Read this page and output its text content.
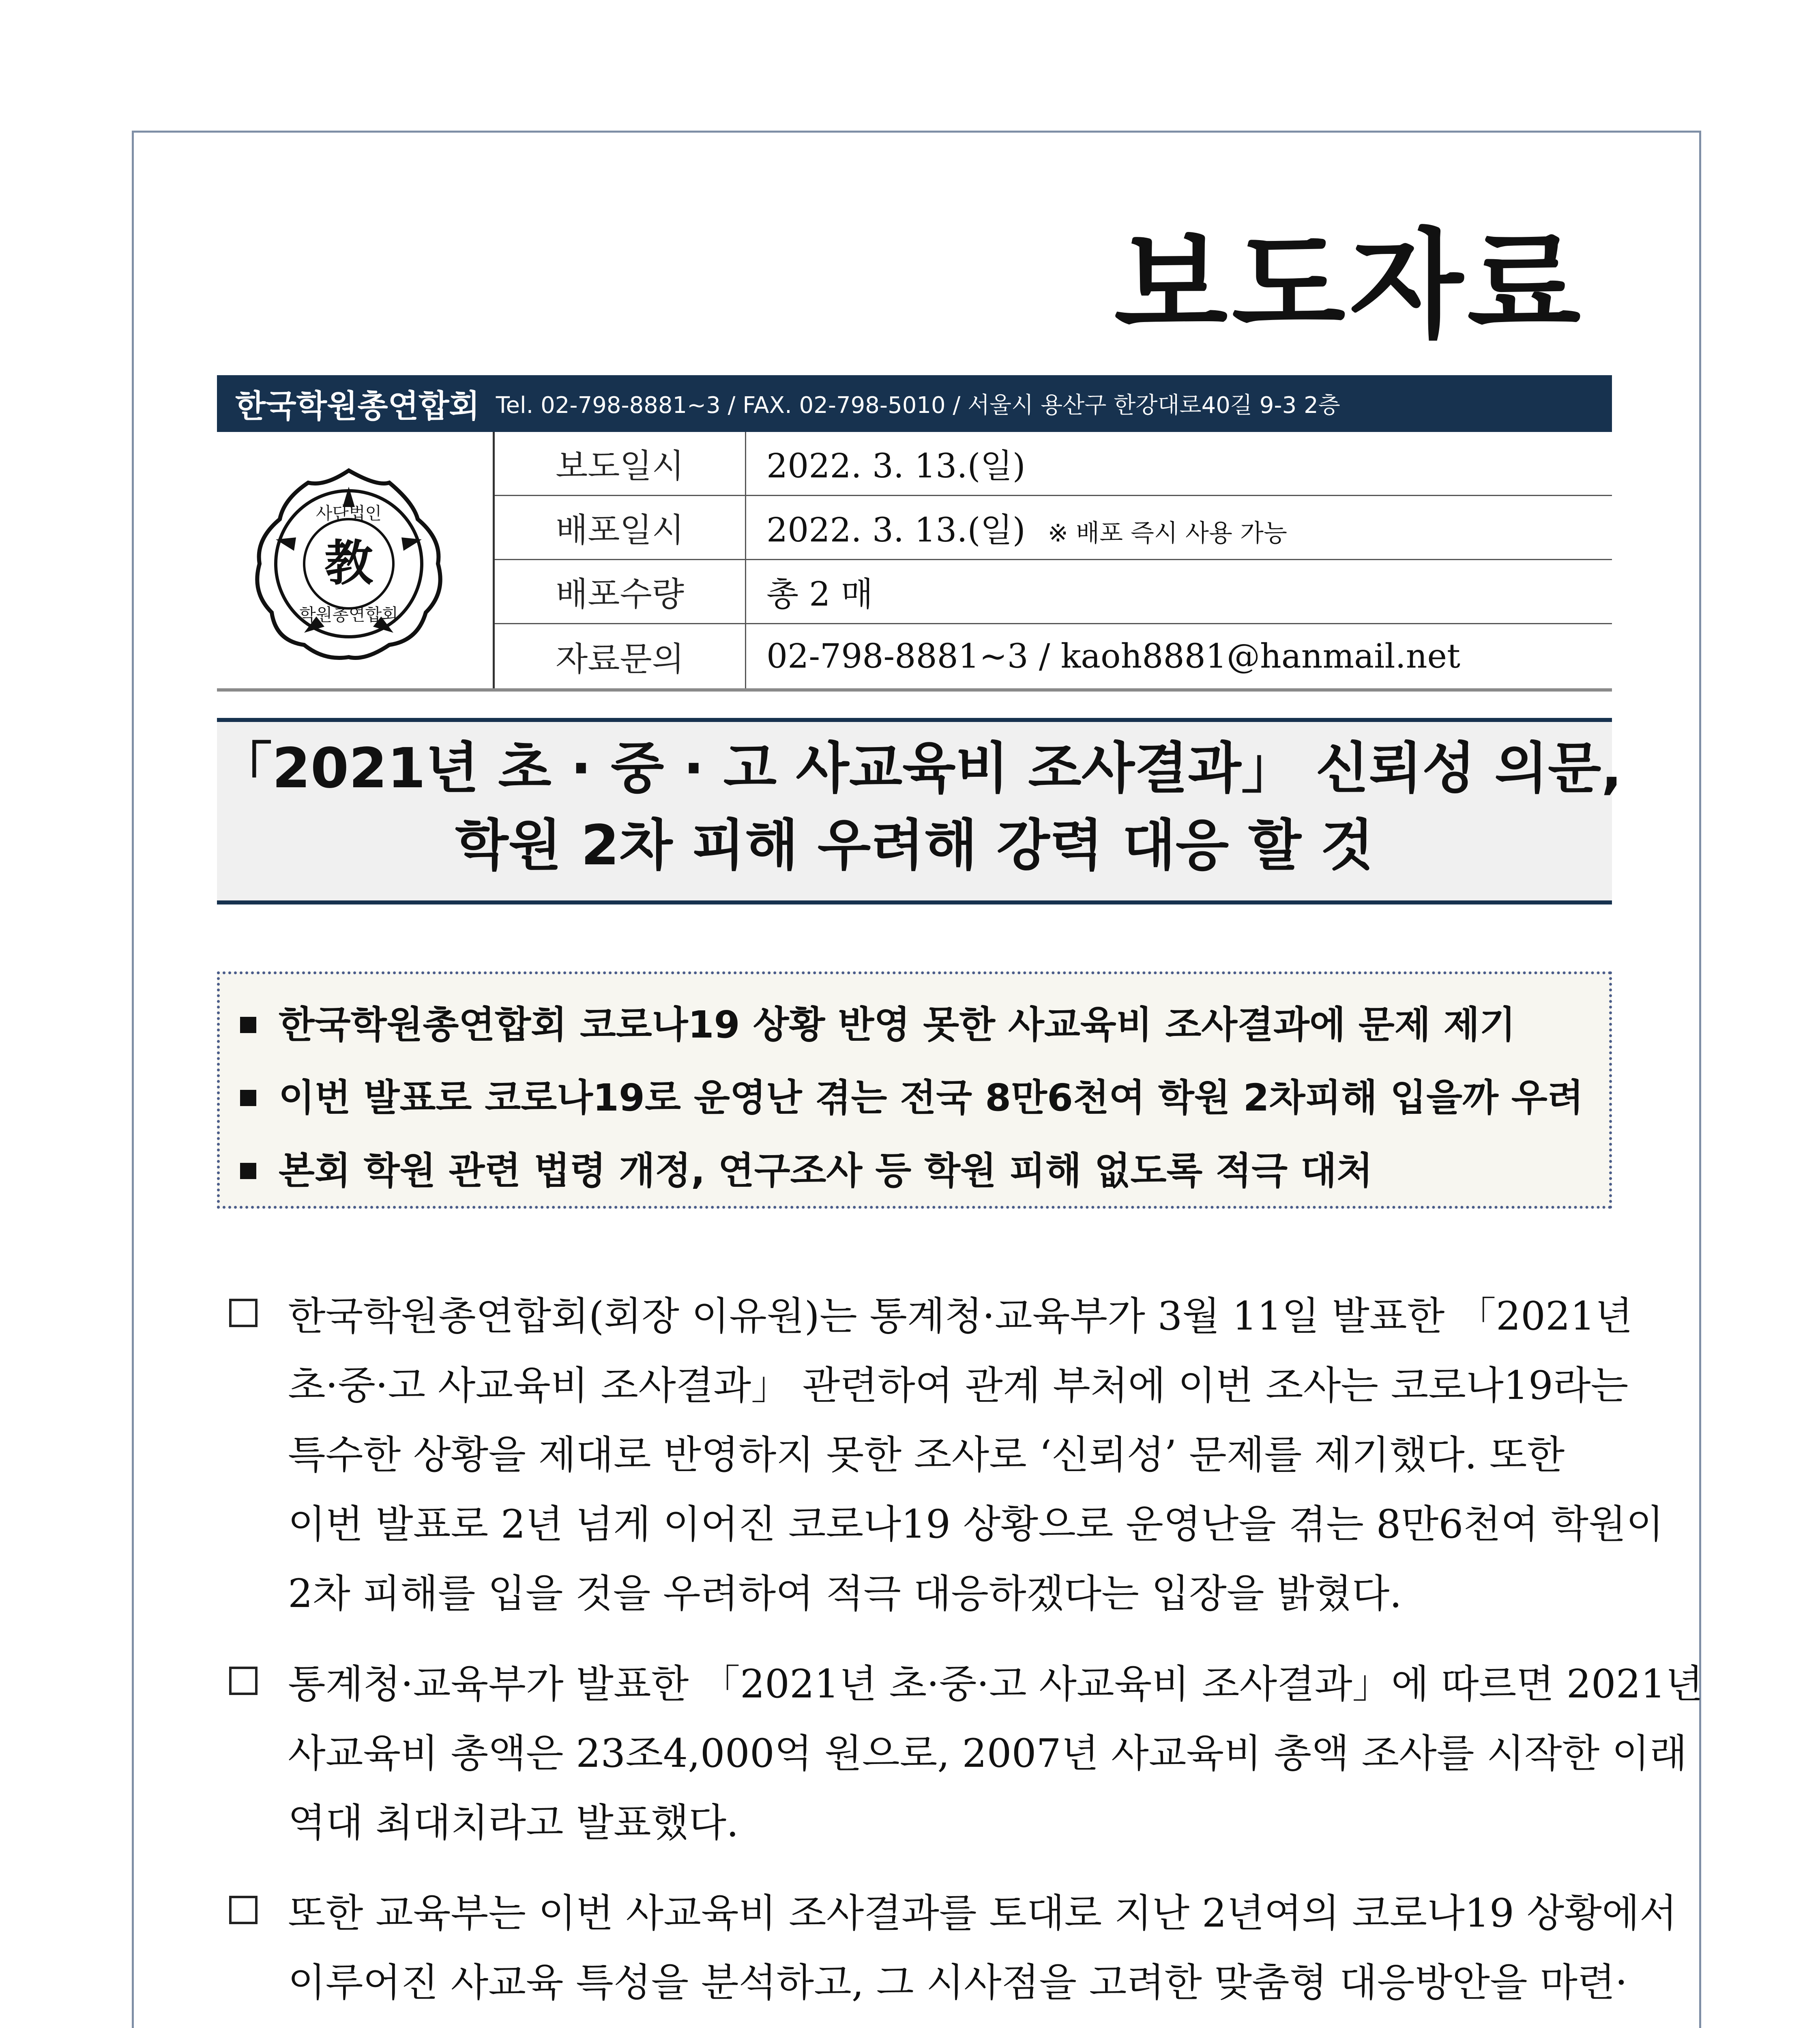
보도자료
한국학원총연합회 Tel. 02-798-8881~3 / FAX. 02-798-5010 / 서울시 용산구 한강대로40길 9-3 2층
教
사단법인
학원총연합회
보도일시	2022. 3. 13.(일)
배포일시	2022. 3. 13.(일) ※ 배포 즉시 사용 가능
배포수량	총 2 매
자료문의	02-798-8881~3 / kaoh8881@hanmail.net
「2021년 초 · 중 · 고 사교육비 조사결과」 신뢰성 의문,
학원 2차 피해 우려해 강력 대응 할 것
한국학원총연합회 코로나19 상황 반영 못한 사교육비 조사결과에 문제 제기
이번 발표로 코로나19로 운영난 겪는 전국 8만6천여 학원 2차피해 입을까 우려
본회 학원 관련 법령 개정, 연구조사 등 학원 피해 없도록 적극 대처

한국학원총연합회(회장 이유원)는 통계청·교육부가 3월 11일 발표한 「2021년

초·중·고 사교육비 조사결과」 관련하여 관계 부처에 이번 조사는 코로나19라는

특수한 상황을 제대로 반영하지 못한 조사로 ‘신뢰성’ 문제를 제기했다. 또한

이번 발표로 2년 넘게 이어진 코로나19 상황으로 운영난을 겪는 8만6천여 학원이

2차 피해를 입을 것을 우려하여 적극 대응하겠다는 입장을 밝혔다.

통계청·교육부가 발표한 「2021년 초·중·고 사교육비 조사결과」에 따르면 2021년

사교육비 총액은 23조4,000억 원으로, 2007년 사교육비 총액 조사를 시작한 이래

역대 최대치라고 발표했다.

또한 교육부는 이번 사교육비 조사결과를 토대로 지난 2년여의 코로나19 상황에서

이루어진 사교육 특성을 분석하고, 그 시사점을 고려한 맞춤형 대응방안을 마련·
